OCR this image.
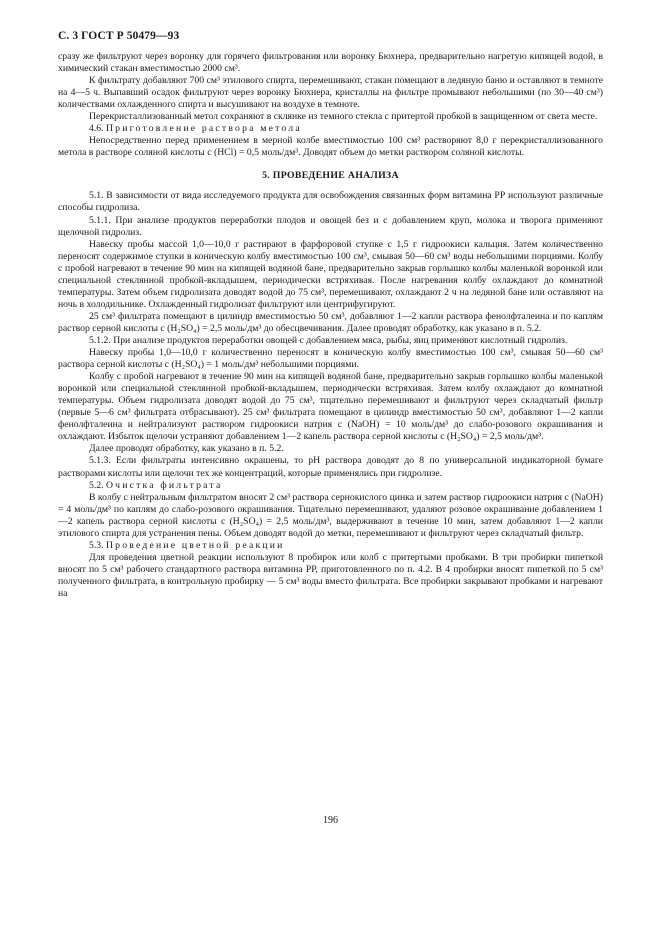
С. 3 ГОСТ Р 50479—93

сразу же фильтруют через воронку для горячего фильтрования или воронку Бюхнера, предварительно нагретую кипящей водой, в химический стакан вместимостью 2000 см³.

К фильтрату добавляют 700 см³ этилового спирта, перемешивают, стакан помещают в ледяную баню и оставляют в темноте на 4—5 ч. Выпавший осадок фильтруют через воронку Бюхнера, кристаллы на фильтре промывают небольшими (по 30—40 см³) количествами охлажденного спирта и высушивают на воздухе в темноте.

Перекристаллизованный метол сохраняют в склянке из темного стекла с притертой пробкой в защищенном от света месте.

4.6. Приготовление раствора метола

Непосредственно перед применением в мерной колбе вместимостью 100 см³ растворяют 8,0 г перекристаллизованного метола в растворе соляной кислоты c (HCl) = 0,5 моль/дм³. Доводят объем до метки раствором соляной кислоты.

5. ПРОВЕДЕНИЕ АНАЛИЗА

5.1. В зависимости от вида исследуемого продукта для освобождения связанных форм витамина РР используют различные способы гидролиза.

5.1.1. При анализе продуктов переработки плодов и овощей без и с добавлением круп, молока и творога применяют щелочной гидролиз.

Навеску пробы массой 1,0—10,0 г растирают в фарфоровой ступке с 1,5 г гидроокиси кальция. Затем количественно переносят содержимое ступки в коническую колбу вместимостью 100 см³, смывая 50—60 см³ воды небольшими порциями. Колбу с пробой нагревают в течение 90 мин на кипящей водяной бане, предварительно закрыв горлышко колбы маленькой воронкой или специальной стеклянной пробкой-вкладышем, периодически встряхивая. После нагревания колбу охлаждают до комнатной температуры. Затем объем гидролизата доводят водой до 75 см³, перемешивают, охлаждают 2 ч на ледяной бане или оставляют на ночь в холодильнике. Охлажденный гидролизат фильтруют или центрифугируют.

25 см³ фильтрата помещают в цилиндр вместимостью 50 см³, добавляют 1—2 капли раствора фенолфталеина и по каплям раствор серной кислоты c (H₂SO₄) = 2,5 моль/дм³ до обесцвечивания. Далее проводят обработку, как указано в п. 5.2.

5.1.2. При анализе продуктов переработки овощей с добавлением мяса, рыбы, яиц применяют кислотный гидролиз.

Навеску пробы 1,0—10,0 г количественно переносят в коническую колбу вместимостью 100 см³, смывая 50—60 см³ раствора серной кислоты c (H₂SO₄) = 1 моль/дм³ небольшими порциями.

Колбу с пробой нагревают в течение 90 мин на кипящей водяной бане, предварительно закрыв горлышко колбы маленькой воронкой или специальной стеклянной пробкой-вкладышем, периодически встряхивая. Затем колбу охлаждают до комнатной температуры. Объем гидролизата доводят водой до 75 см³, тщательно перемешивают и фильтруют через складчатый фильтр (первые 5—6 см³ фильтрата отбрасывают). 25 см³ фильтрата помещают в цилиндр вместимостью 50 см³, добавляют 1—2 капли фенолфталеина и нейтрализуют раствором гидроокиси натрия c (NaOH) = 10 моль/дм³ до слабо-розового окрашивания и охлаждают. Избыток щелочи устраняют добавлением 1—2 капель раствора серной кислоты c (H₂SO₄) = 2,5 моль/дм³.

Далее проводят обработку, как указано в п. 5.2.

5.1.3. Если фильтраты интенсивно окрашены, то pH раствора доводят до 8 по универсальной индикаторной бумаге растворами кислоты или щелочи тех же концентраций, которые применялись при гидролизе.

5.2. Очистка фильтрата

В колбу с нейтральным фильтратом вносят 2 см³ раствора сернокислого цинка и затем раствор гидроокиси натрия c (NaOH) = 4 моль/дм³ по каплям до слабо-розового окрашивания. Тщательно перемешивают, удаляют розовое окрашивание добавлением 1—2 капель раствора серной кислоты c (H₂SO₄) = 2,5 моль/дм³, выдерживают в течение 10 мин, затем добавляют 1—2 капли этилового спирта для устранения пены. Объем доводят водой до метки, перемешивают и фильтруют через складчатый фильтр.

5.3. Проведение цветной реакции

Для проведения цветной реакции используют 8 пробирок или колб с притертыми пробками. В три пробирки пипеткой вносят по 5 см³ рабочего стандартного раствора витамина РР, приготовленного по п. 4.2. В 4 пробирки вносят пипеткой по 5 см³ полученного фильтрата, в контрольную пробирку — 5 см³ воды вместо фильтрата. Все пробирки закрывают пробками и нагревают на

196
